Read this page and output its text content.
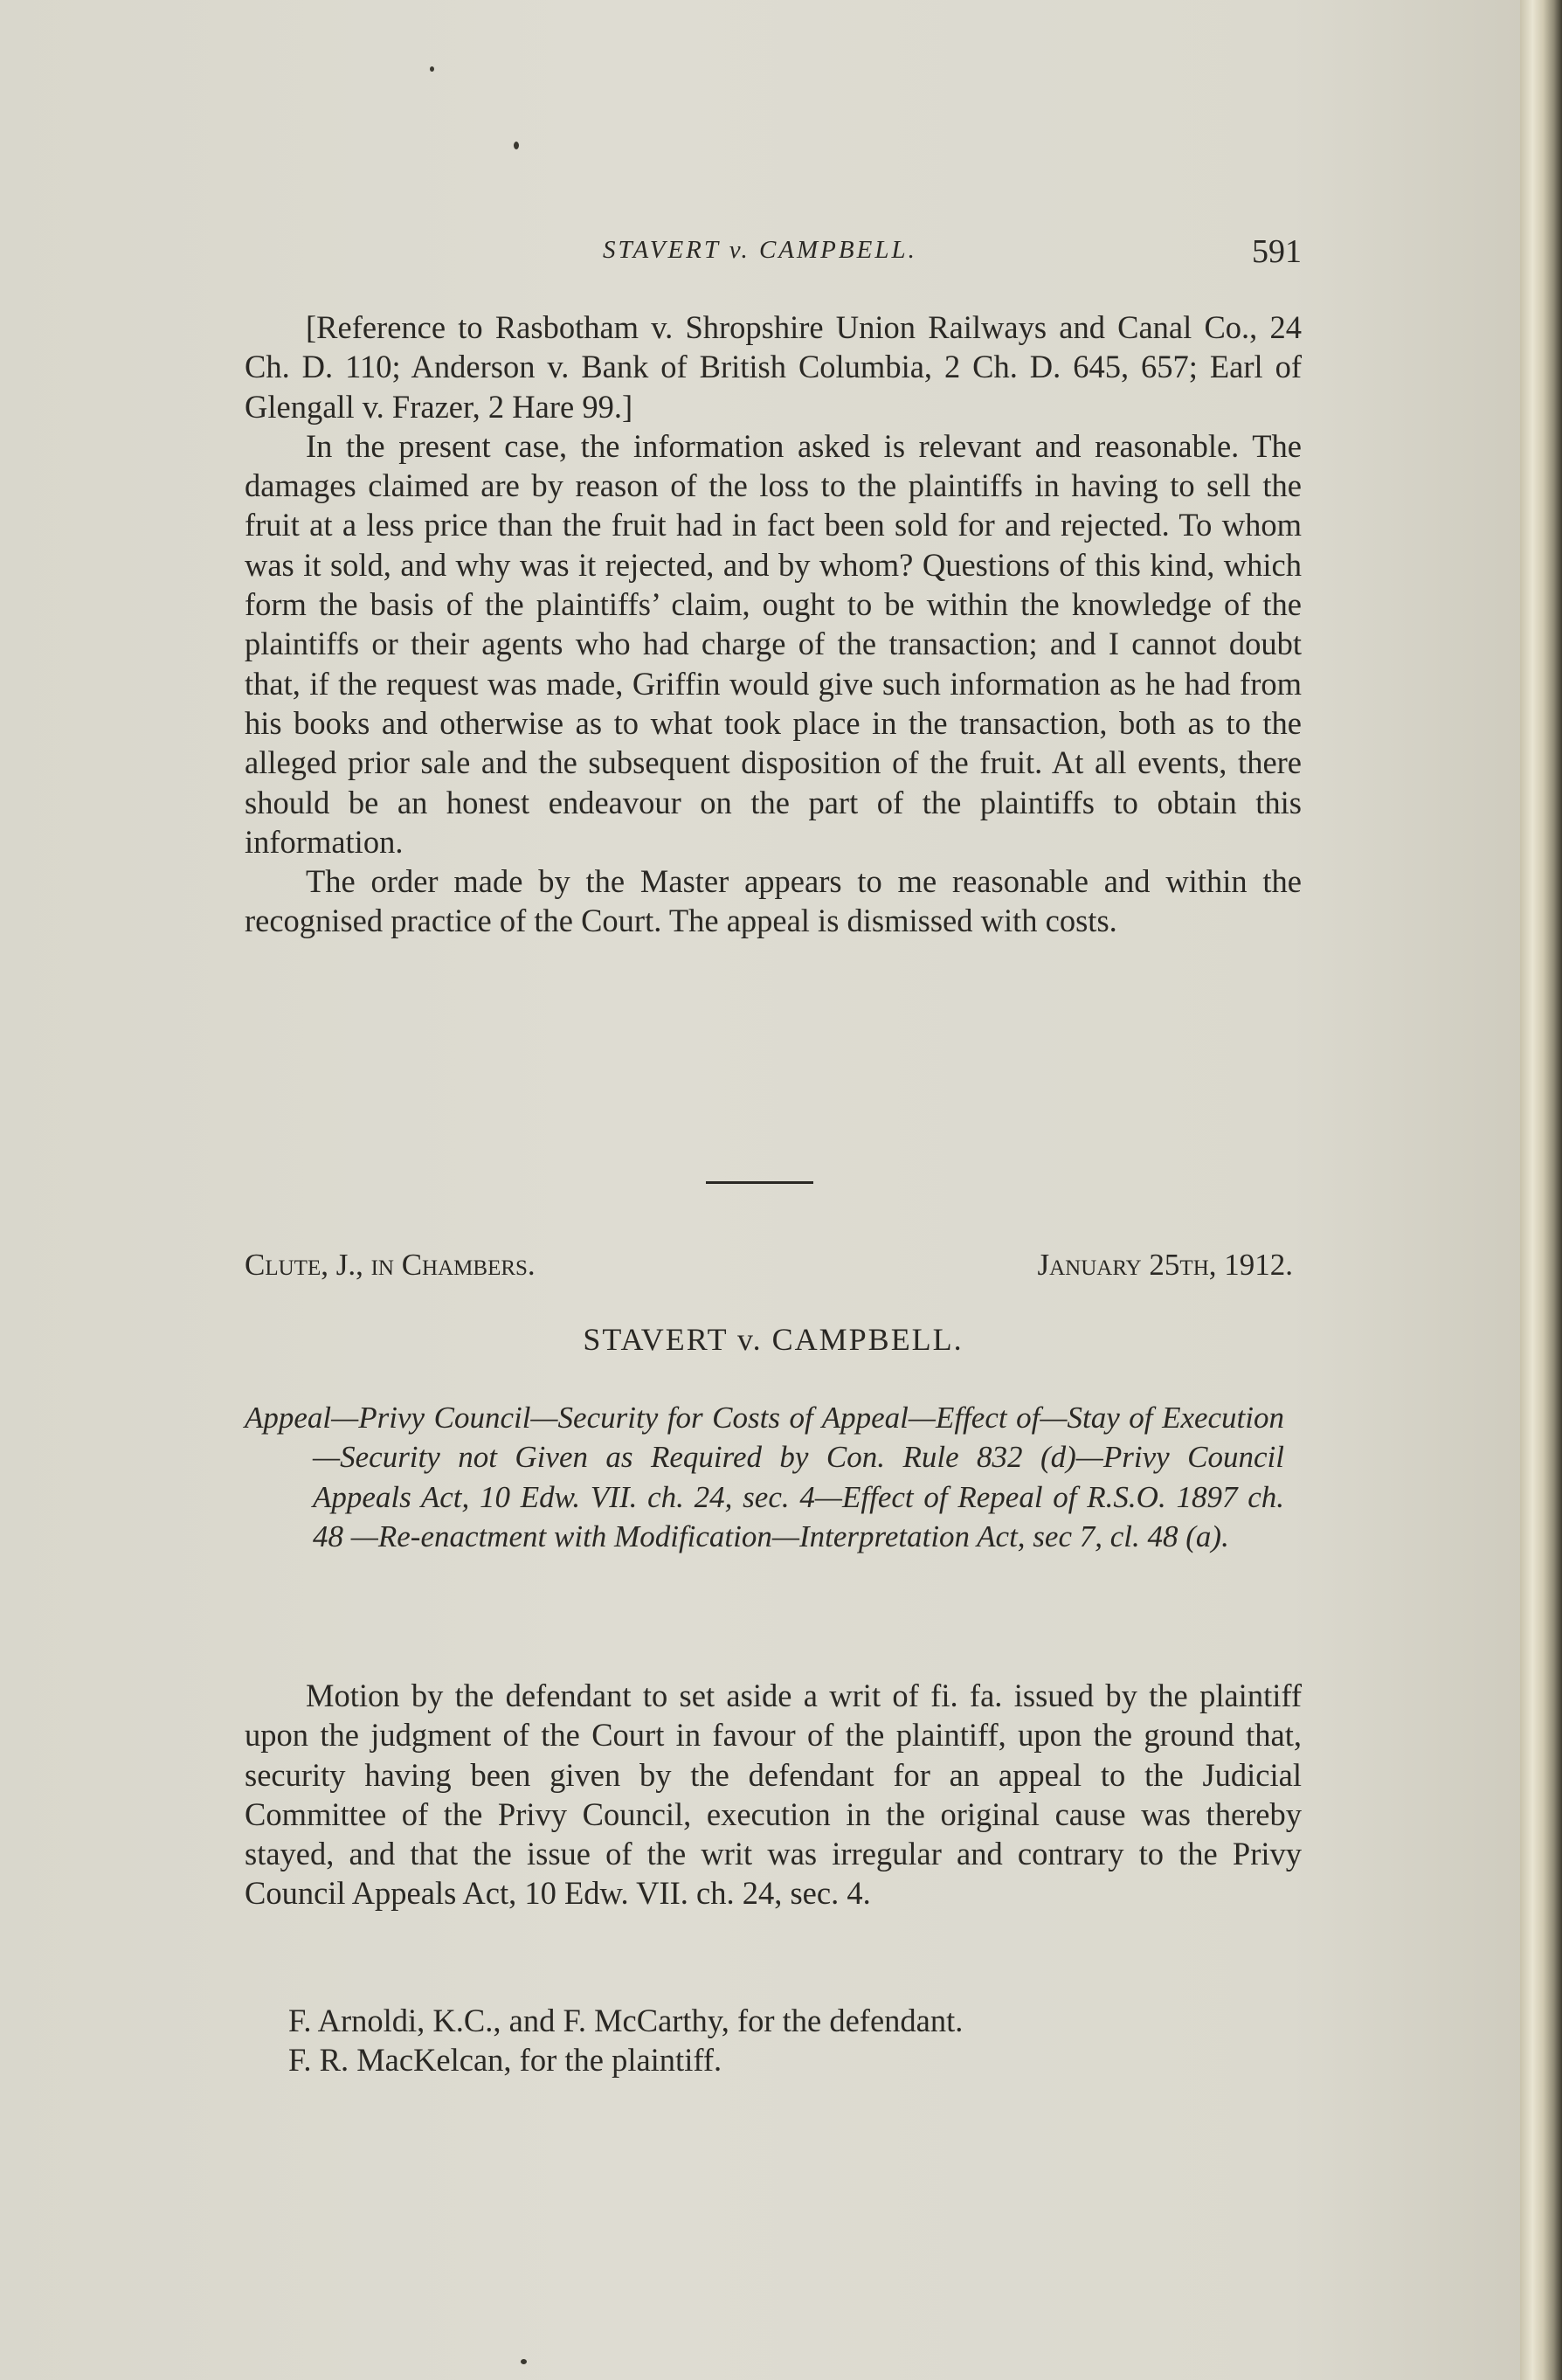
STAVERT v. CAMPBELL.	591

[Reference to Rasbotham v. Shropshire Union Railways and Canal Co., 24 Ch. D. 110; Anderson v. Bank of British Columbia, 2 Ch. D. 645, 657; Earl of Glengall v. Frazer, 2 Hare 99.]

In the present case, the information asked is relevant and reasonable. The damages claimed are by reason of the loss to the plaintiffs in having to sell the fruit at a less price than the fruit had in fact been sold for and rejected. To whom was it sold, and why was it rejected, and by whom? Questions of this kind, which form the basis of the plaintiffs’ claim, ought to be within the knowledge of the plaintiffs or their agents who had charge of the transaction; and I cannot doubt that, if the request was made, Griffin would give such information as he had from his books and otherwise as to what took place in the transaction, both as to the alleged prior sale and the subsequent disposition of the fruit. At all events, there should be an honest endeavour on the part of the plaintiffs to obtain this information.

The order made by the Master appears to me reasonable and within the recognised practice of the Court. The appeal is dismissed with costs.

Clute, J., in Chambers.	January 25th, 1912.
STAVERT v. CAMPBELL.

Appeal—Privy Council—Security for Costs of Appeal—Effect of—Stay of Execution—Security not Given as Required by Con. Rule 832 (d)—Privy Council Appeals Act, 10 Edw. VII. ch. 24, sec. 4—Effect of Repeal of R.S.O. 1897 ch. 48 —Re-enactment with Modification—Interpretation Act, sec 7, cl. 48 (a).

Motion by the defendant to set aside a writ of fi. fa. issued by the plaintiff upon the judgment of the Court in favour of the plaintiff, upon the ground that, security having been given by the defendant for an appeal to the Judicial Committee of the Privy Council, execution in the original cause was thereby stayed, and that the issue of the writ was irregular and contrary to the Privy Council Appeals Act, 10 Edw. VII. ch. 24, sec. 4.

F. Arnoldi, K.C., and F. McCarthy, for the defendant.

F. R. MacKelcan, for the plaintiff.
